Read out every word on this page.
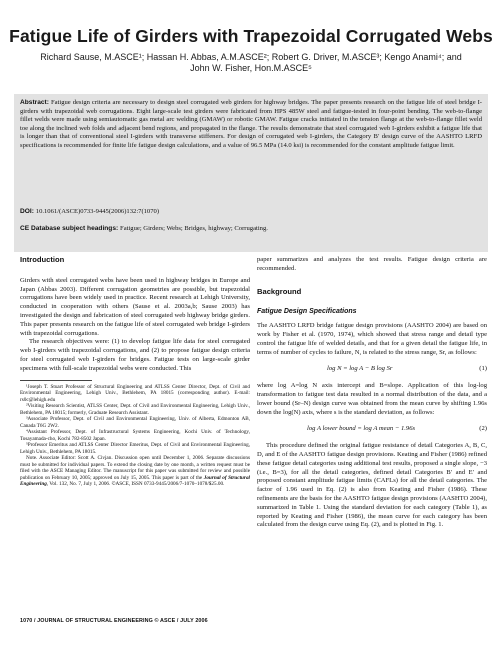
Fatigue Life of Girders with Trapezoidal Corrugated Webs
Richard Sause, M.ASCE¹; Hassan H. Abbas, A.M.ASCE²; Robert G. Driver, M.ASCE³; Kengo Anami⁴; and
John W. Fisher, Hon.M.ASCE⁵
Abstract: Fatigue design criteria are necessary to design steel corrugated web girders for highway bridges. The paper presents research on the fatigue life of steel bridge I-girders with trapezoidal web corrugations. Eight large-scale test girders were fabricated from HPS 485W steel and fatigue-tested in four-point bending. The web-to-flange fillet welds were made using semiautomatic gas metal arc welding (GMAW) or robotic GMAW. Fatigue cracks initiated in the tension flange at the web-to-flange fillet weld toe along the inclined web folds and adjacent bend regions, and propagated in the flange. The results demonstrate that steel corrugated web I-girders exhibit a fatigue life that is longer than that of conventional steel I-girders with transverse stiffeners. For design of corrugated web I-girders, the Category B′ design curve of the AASHTO LRFD specifications is recommended for finite life fatigue design calculations, and a value of 96.5 MPa (14.0 ksi) is recommended for the constant amplitude fatigue limit.
DOI: 10.1061/(ASCE)0733-9445(2006)132:7(1070)
CE Database subject headings: Fatigue; Girders; Webs; Bridges, highway; Corrugating.
Introduction

Girders with steel corrugated webs have been used in highway bridges in Europe and Japan (Abbas 2003). Different corrugation geometries are possible, but trapezoidal corrugations have been widely used in practice. Recent research at Lehigh University, conducted in cooperation with others (Sause et al. 2003a,b; Sause 2003) has investigated the design and fabrication of steel corrugated web highway bridge girders. This paper presents research on the fatigue life of steel corrugated web bridge I-girders with trapezoidal corrugations.

The research objectives were: (1) to develop fatigue life data for steel corrugated web I-girders with trapezoidal corrugations, and (2) to propose fatigue design criteria for steel corrugated web I-girders for bridges. Fatigue tests on large-scale girder specimens with full-scale trapezoidal webs were conducted. This

¹Joseph T. Stuart Professor of Structural Engineering and ATLSS Center Director, Dept. of Civil and Environmental Engineering, Lehigh Univ., Bethlehem, PA 18015 (corresponding author). E-mail: rs0c@lehigh.edu

²Visiting Research Scientist, ATLSS Center, Dept. of Civil and Environmental Engineering, Lehigh Univ., Bethlehem, PA 18015; formerly, Graduate Research Assistant.

³Associate Professor, Dept. of Civil and Environmental Engineering, Univ. of Alberta, Edmonton AB, Canada T6G 2W2.

⁴Assistant Professor, Dept. of Infrastructural Systems Engineering, Kochi Univ. of Technology, Tosayamada-cho, Kochi 782-8502 Japan.

⁵Professor Emeritus and ATLSS Center Director Emeritus, Dept. of Civil and Environmental Engineering, Lehigh Univ., Bethlehem, PA 18015.

Note. Associate Editor: Scott A. Civjan. Discussion open until December 1, 2006. Separate discussions must be submitted for individual papers. To extend the closing date by one month, a written request must be filed with the ASCE Managing Editor. The manuscript for this paper was submitted for review and possible publication on February 10, 2005; approved on July 15, 2005. This paper is part of the Journal of Structural Engineering, Vol. 132, No. 7, July 1, 2006. ©ASCE, ISSN 0733-9445/2006/7-1070–1078/$25.00.

paper summarizes and analyzes the test results. Fatigue design criteria are recommended.

Background
Fatigue Design Specifications

The AASHTO LRFD bridge fatigue design provisions (AASHTO 2004) are based on work by Fisher et al. (1970, 1974), which showed that stress range and detail type control the fatigue life of welded details, and that for a given detail the fatigue life, in terms of number of cycles to failure, N, is related to the stress range, Sr, as follows:

log N = log A − B log Sr	(1)

where log A=log N axis intercept and B=slope. Application of this log-log transformation to fatigue test data resulted in a normal distribution of the data, and a lower bound (Sr–N) design curve was obtained from the mean curve by shifting 1.96s down the log(N) axis, where s is the standard deviation, as follows:

log A lower bound = log A mean − 1.96s	(2)

This procedure defined the original fatigue resistance of detail Categories A, B, C, D, and E of the AASHTO fatigue design provisions. Keating and Fisher (1986) refined these fatigue detail categories using additional test results, proposed a single slope, −3 (i.e., B=3), for all the detail categories, defined detail Categories B′ and E′ and proposed constant amplitude fatigue limits (CAFLs) for all the detail categories. The factor of 1.96 used in Eq. (2) is also from Keating and Fisher (1986). These refinements are the basis for the AASHTO fatigue design provisions (AASHTO 2004), summarized in Table 1. Using the standard deviation for each category (Table 1), as reported by Keating and Fisher (1986), the mean curve for each category has been calculated from the design curve using Eq. (2), and is plotted in Fig. 1.

1070 / JOURNAL OF STRUCTURAL ENGINEERING © ASCE / JULY 2006
